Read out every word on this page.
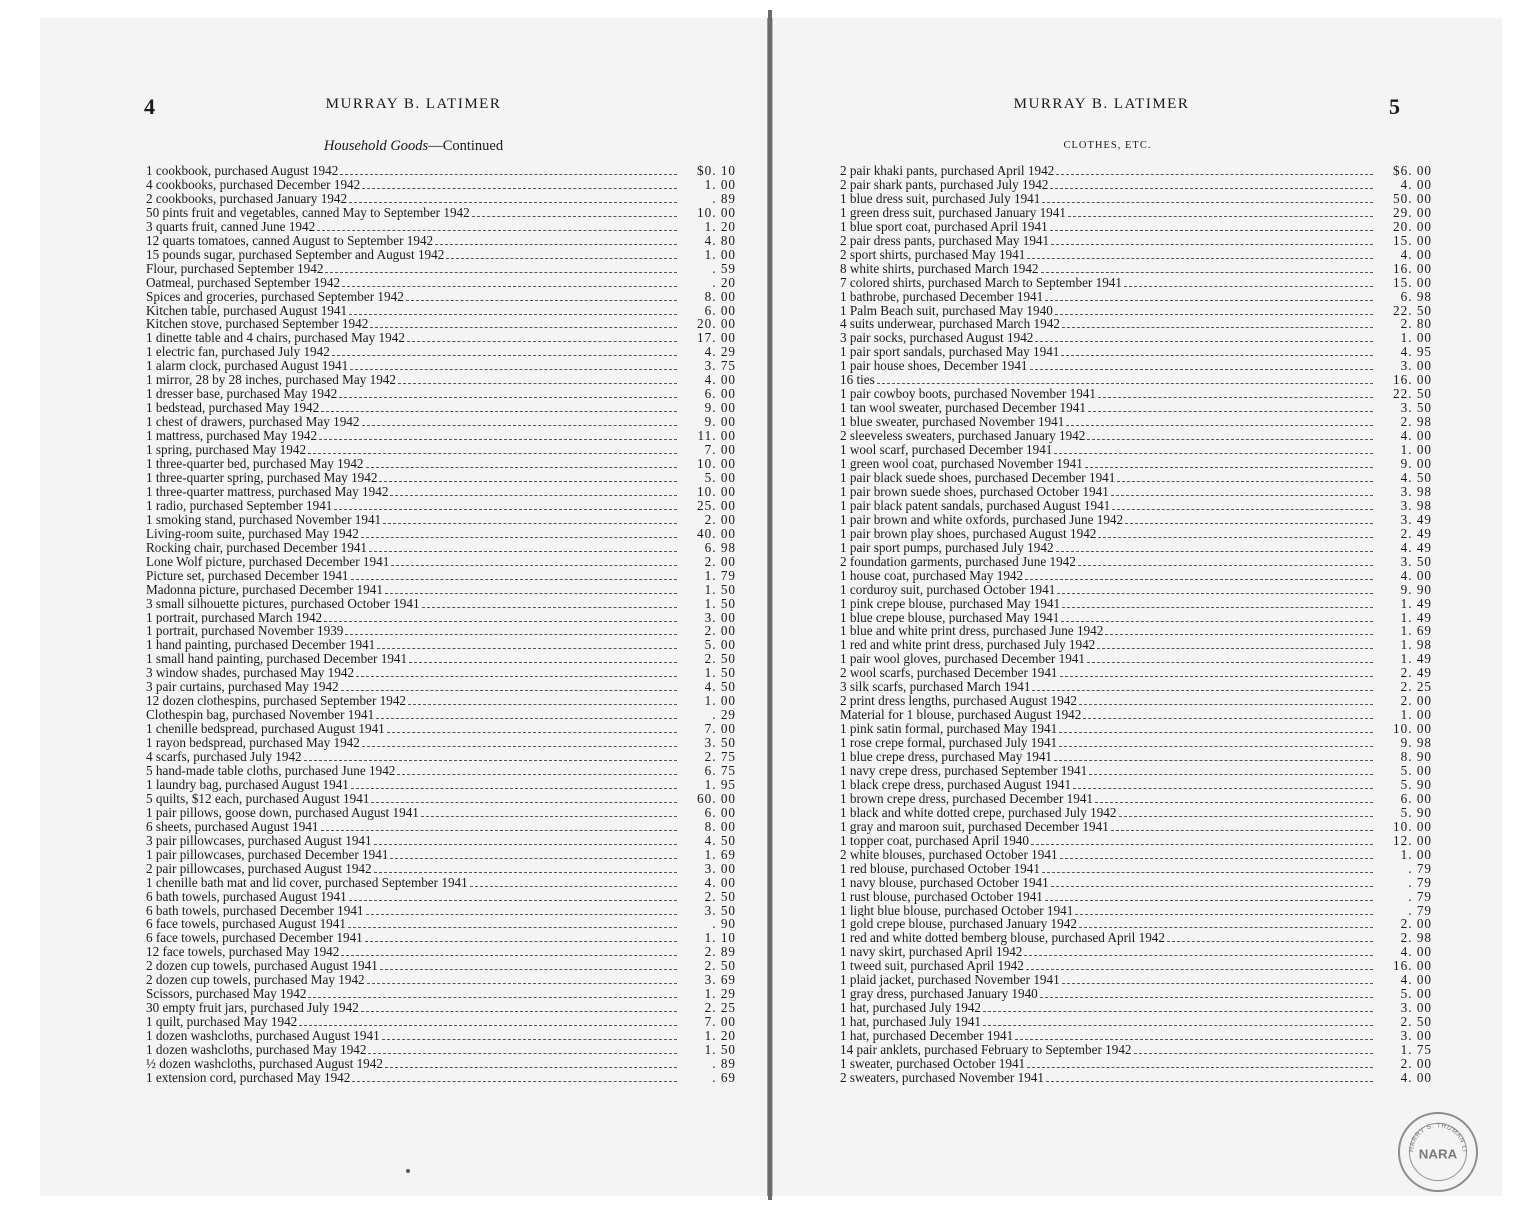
4	MURRAY B. LATIMER
Household Goods—Continued
1 cookbook, purchased August 1942	$0. 10
4 cookbooks, purchased December 1942	1. 00
2 cookbooks, purchased January 1942	. 89
50 pints fruit and vegetables, canned May to September 1942	10. 00
3 quarts fruit, canned June 1942	1. 20
12 quarts tomatoes, canned August to September 1942	4. 80
15 pounds sugar, purchased September and August 1942	1. 00
Flour, purchased September 1942	. 59
Oatmeal, purchased September 1942	. 20
Spices and groceries, purchased September 1942	8. 00
Kitchen table, purchased August 1941	6. 00
Kitchen stove, purchased September 1942	20. 00
1 dinette table and 4 chairs, purchased May 1942	17. 00
1 electric fan, purchased July 1942	4. 29
1 alarm clock, purchased August 1941	3. 75
1 mirror, 28 by 28 inches, purchased May 1942	4. 00
1 dresser base, purchased May 1942	6. 00
1 bedstead, purchased May 1942	9. 00
1 chest of drawers, purchased May 1942	9. 00
1 mattress, purchased May 1942	11. 00
1 spring, purchased May 1942	7. 00
1 three-quarter bed, purchased May 1942	10. 00
1 three-quarter spring, purchased May 1942	5. 00
1 three-quarter mattress, purchased May 1942	10. 00
1 radio, purchased September 1941	25. 00
1 smoking stand, purchased November 1941	2. 00
Living-room suite, purchased May 1942	40. 00
Rocking chair, purchased December 1941	6. 98
Lone Wolf picture, purchased December 1941	2. 00
Picture set, purchased December 1941	1. 79
Madonna picture, purchased December 1941	1. 50
3 small silhouette pictures, purchased October 1941	1. 50
1 portrait, purchased March 1942	3. 00
1 portrait, purchased November 1939	2. 00
1 hand painting, purchased December 1941	5. 00
1 small hand painting, purchased December 1941	2. 50
3 window shades, purchased May 1942	1. 50
3 pair curtains, purchased May 1942	4. 50
12 dozen clothespins, purchased September 1942	1. 00
Clothespin bag, purchased November 1941	. 29
1 chenille bedspread, purchased August 1941	7. 00
1 rayon bedspread, purchased May 1942	3. 50
4 scarfs, purchased July 1942	2. 75
5 hand-made table cloths, purchased June 1942	6. 75
1 laundry bag, purchased August 1941	1. 95
5 quilts, $12 each, purchased August 1941	60. 00
1 pair pillows, goose down, purchased August 1941	6. 00
6 sheets, purchased August 1941	8. 00
3 pair pillowcases, purchased August 1941	4. 50
1 pair pillowcases, purchased December 1941	1. 69
2 pair pillowcases, purchased August 1942	3. 00
1 chenille bath mat and lid cover, purchased September 1941	4. 00
6 bath towels, purchased August 1941	2. 50
6 bath towels, purchased December 1941	3. 50
6 face towels, purchased August 1941	. 90
6 face towels, purchased December 1941	1. 10
12 face towels, purchased May 1942	2. 89
2 dozen cup towels, purchased August 1941	2. 50
2 dozen cup towels, purchased May 1942	3. 69
Scissors, purchased May 1942	1. 29
30 empty fruit jars, purchased July 1942	2. 25
1 quilt, purchased May 1942	7. 00
1 dozen washcloths, purchased August 1941	1. 20
1 dozen washcloths, purchased May 1942	1. 50
½ dozen washcloths, purchased August 1942	. 89
1 extension cord, purchased May 1942	. 69
MURRAY B. LATIMER	5
CLOTHES, ETC.
2 pair khaki pants, purchased April 1942	$6. 00
2 pair shark pants, purchased July 1942	4. 00
1 blue dress suit, purchased July 1941	50. 00
1 green dress suit, purchased January 1941	29. 00
1 blue sport coat, purchased April 1941	20. 00
2 pair dress pants, purchased May 1941	15. 00
2 sport shirts, purchased May 1941	4. 00
8 white shirts, purchased March 1942	16. 00
7 colored shirts, purchased March to September 1941	15. 00
1 bathrobe, purchased December 1941	6. 98
1 Palm Beach suit, purchased May 1940	22. 50
4 suits underwear, purchased March 1942	2. 80
3 pair socks, purchased August 1942	1. 00
1 pair sport sandals, purchased May 1941	4. 95
1 pair house shoes, December 1941	3. 00
16 ties	16. 00
1 pair cowboy boots, purchased November 1941	22. 50
1 tan wool sweater, purchased December 1941	3. 50
1 blue sweater, purchased November 1941	2. 98
2 sleeveless sweaters, purchased January 1942	4. 00
1 wool scarf, purchased December 1941	1. 00
1 green wool coat, purchased November 1941	9. 00
1 pair black suede shoes, purchased December 1941	4. 50
1 pair brown suede shoes, purchased October 1941	3. 98
1 pair black patent sandals, purchased August 1941	3. 98
1 pair brown and white oxfords, purchased June 1942	3. 49
1 pair brown play shoes, purchased August 1942	2. 49
1 pair sport pumps, purchased July 1942	4. 49
2 foundation garments, purchased June 1942	3. 50
1 house coat, purchased May 1942	4. 00
1 corduroy suit, purchased October 1941	9. 90
1 pink crepe blouse, purchased May 1941	1. 49
1 blue crepe blouse, purchased May 1941	1. 49
1 blue and white print dress, purchased June 1942	1. 69
1 red and white print dress, purchased July 1942	1. 98
1 pair wool gloves, purchased December 1941	1. 49
2 wool scarfs, purchased December 1941	2. 49
3 silk scarfs, purchased March 1941	2. 25
2 print dress lengths, purchased August 1942	2. 00
Material for 1 blouse, purchased August 1942	1. 00
1 pink satin formal, purchased May 1941	10. 00
1 rose crepe formal, purchased July 1941	9. 98
1 blue crepe dress, purchased May 1941	8. 90
1 navy crepe dress, purchased September 1941	5. 00
1 black crepe dress, purchased August 1941	5. 90
1 brown crepe dress, purchased December 1941	6. 00
1 black and white dotted crepe, purchased July 1942	5. 90
1 gray and maroon suit, purchased December 1941	10. 00
1 topper coat, purchased April 1940	12. 00
2 white blouses, purchased October 1941	1. 00
1 red blouse, purchased October 1941	. 79
1 navy blouse, purchased October 1941	. 79
1 rust blouse, purchased October 1941	. 79
1 light blue blouse, purchased October 1941	. 79
1 gold crepe blouse, purchased January 1942	2. 00
1 red and white dotted bemberg blouse, purchased April 1942	2. 98
1 navy skirt, purchased April 1942	4. 00
1 tweed suit, purchased April 1942	16. 00
1 plaid jacket, purchased November 1941	4. 00
1 gray dress, purchased January 1940	5. 00
1 hat, purchased July 1942	3. 00
1 hat, purchased July 1941	2. 50
1 hat, purchased December 1941	3. 00
14 pair anklets, purchased February to September 1942	1. 75
1 sweater, purchased October 1941	2. 00
2 sweaters, purchased November 1941	4. 00
HARRY S. TRUMAN LI
NARA
